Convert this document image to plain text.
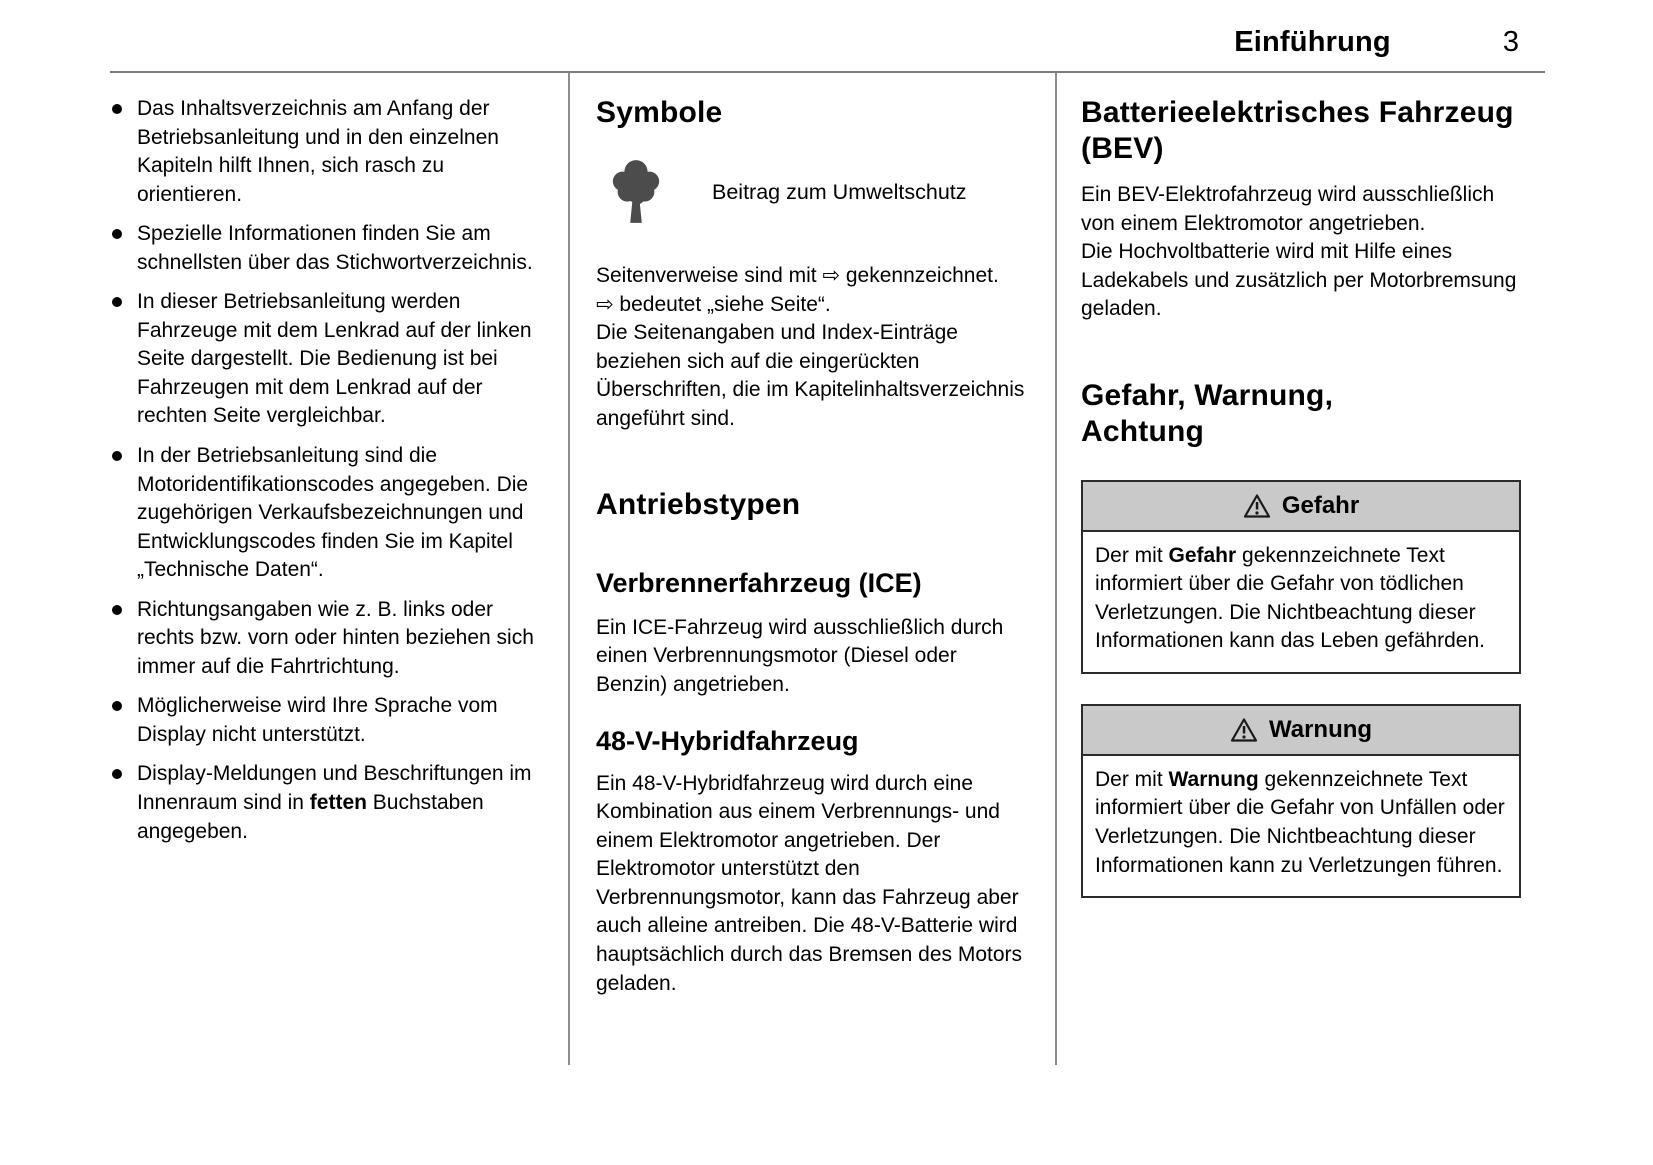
Einführung	3
Das Inhaltsverzeichnis am Anfang der Betriebsanleitung und in den einzelnen Kapiteln hilft Ihnen, sich rasch zu orientieren.
Spezielle Informationen finden Sie am schnellsten über das Stichwortverzeichnis.
In dieser Betriebsanleitung werden Fahrzeuge mit dem Lenkrad auf der linken Seite dargestellt. Die Bedienung ist bei Fahrzeugen mit dem Lenkrad auf der rechten Seite vergleichbar.
In der Betriebsanleitung sind die Motoridentifikationscodes angegeben. Die zugehörigen Verkaufsbezeichnungen und Entwicklungscodes finden Sie im Kapitel „Technische Daten“.
Richtungsangaben wie z. B. links oder rechts bzw. vorn oder hinten beziehen sich immer auf die Fahrtrichtung.
Möglicherweise wird Ihre Sprache vom Display nicht unterstützt.
Display-Meldungen und Beschriftungen im Innenraum sind in fetten Buchstaben angegeben.
Symbole
Beitrag zum Umweltschutz

Seitenverweise sind mit ⇨ gekennzeichnet.

⇨ bedeutet „siehe Seite“.

Die Seitenangaben und Index-Einträge beziehen sich auf die eingerückten Überschriften, die im Kapitelinhaltsverzeichnis angeführt sind.

Antriebstypen
Verbrennerfahrzeug (ICE)

Ein ICE-Fahrzeug wird ausschließlich durch einen Verbrennungsmotor (Diesel oder Benzin) angetrieben.

48-V-Hybridfahrzeug

Ein 48-V-Hybridfahrzeug wird durch eine Kombination aus einem Verbrennungs- und einem Elektromotor angetrieben. Der Elektromotor unterstützt den Verbrennungsmotor, kann das Fahrzeug aber auch alleine antreiben. Die 48-V-Batterie wird hauptsächlich durch das Bremsen des Motors geladen.

Batterieelektrisches Fahrzeug (BEV)

Ein BEV-Elektrofahrzeug wird ausschließlich von einem Elektromotor angetrieben.

Die Hochvoltbatterie wird mit Hilfe eines Ladekabels und zusätzlich per Motorbremsung geladen.

Gefahr, Warnung, Achtung
Gefahr
Der mit Gefahr gekennzeichnete Text informiert über die Gefahr von tödlichen Verletzungen. Die Nichtbeachtung dieser Informationen kann das Leben gefährden.
Warnung
Der mit Warnung gekennzeichnete Text informiert über die Gefahr von Unfällen oder Verletzungen. Die Nichtbeachtung dieser Informationen kann zu Verletzungen führen.
